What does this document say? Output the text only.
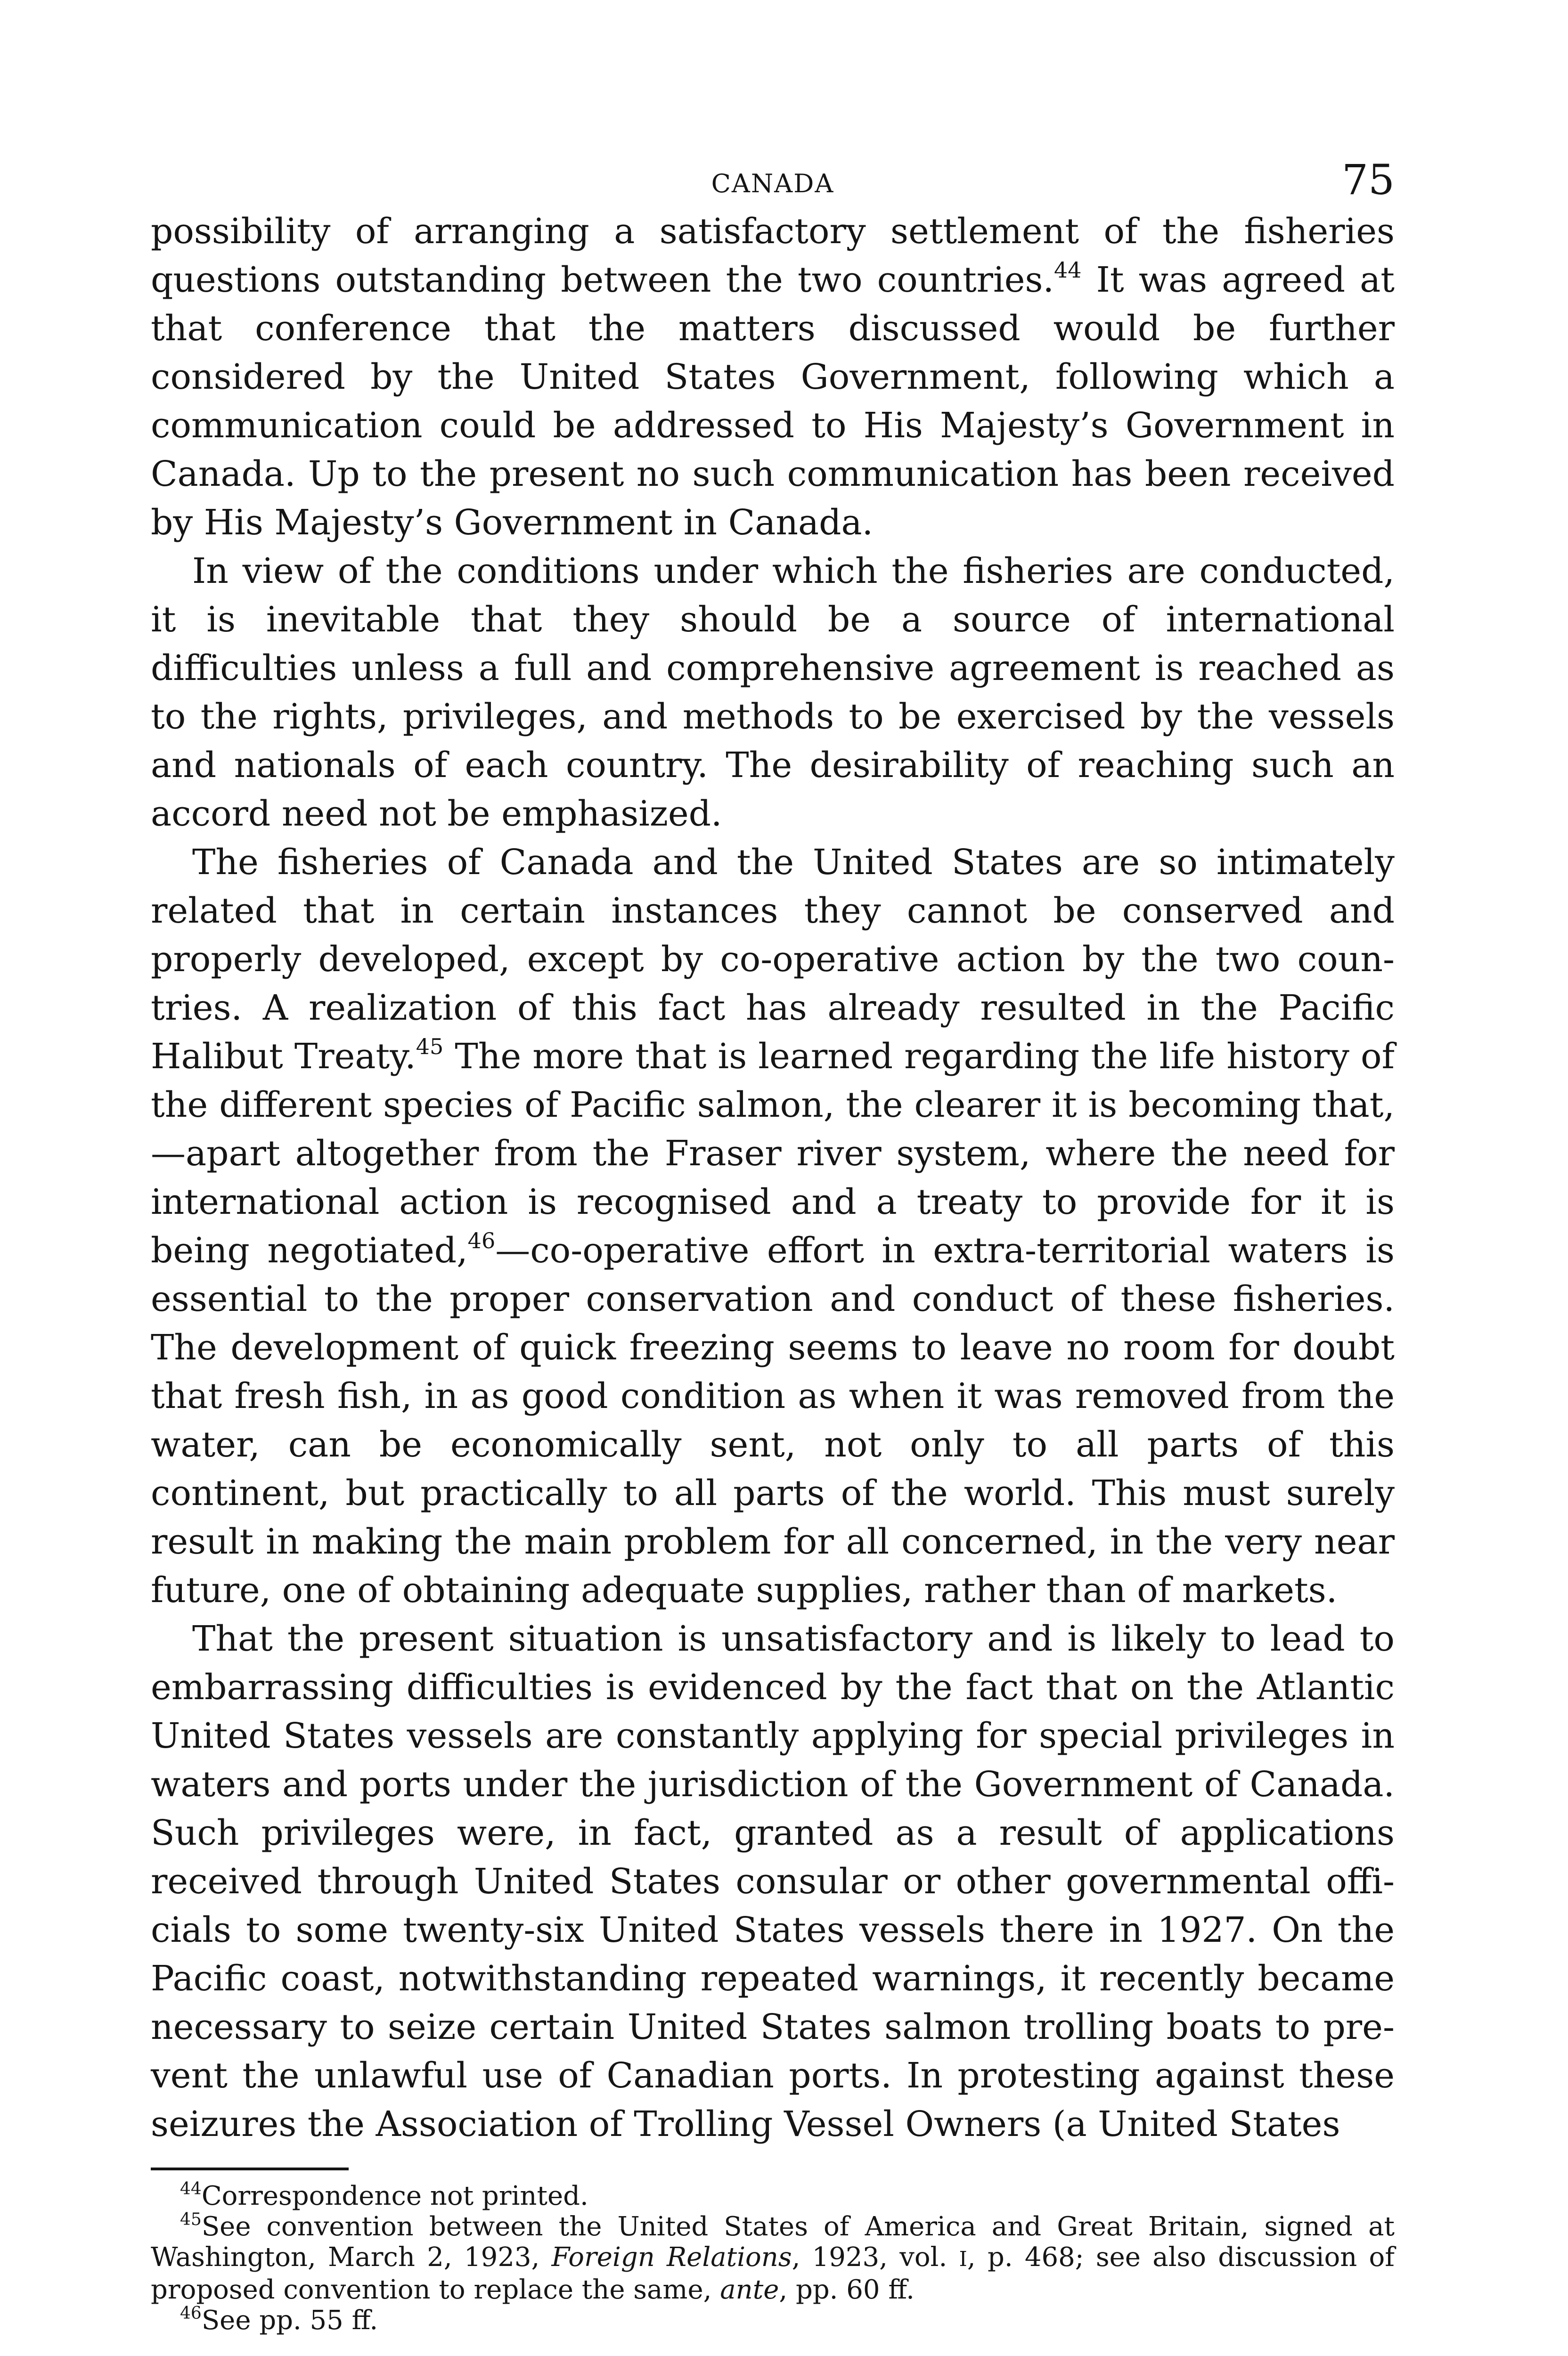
CANADA	75

possibility of arranging a satisfactory settlement of the fisheries questions outstanding between the two countries.$^{44}$ It was agreed at that conference that the matters discussed would be further considered by the United States Government, following which a communication could be addressed to His Majesty’s Government in Canada. Up to the present no such communication has been received by His Majesty’s Government in Canada.

In view of the conditions under which the fisheries are conducted, it is inevitable that they should be a source of international difficulties unless a full and comprehensive agreement is reached as to the rights, privileges, and methods to be exercised by the vessels and nationals of each country. The desirability of reaching such an accord need not be emphasized.

The fisheries of Canada and the United States are so intimately related that in certain instances they cannot be conserved and properly developed, except by co-operative action by the two countries. A realization of this fact has already resulted in the Pacific Halibut Treaty.$^{45}$ The more that is learned regarding the life history of the different species of Pacific salmon, the clearer it is becoming that,—apart altogether from the Fraser river system, where the need for international action is recognised and a treaty to provide for it is being negotiated,$^{46}$—co-operative effort in extra-territorial waters is essential to the proper conservation and conduct of these fisheries. The development of quick freezing seems to leave no room for doubt that fresh fish, in as good condition as when it was removed from the water, can be economically sent, not only to all parts of this continent, but practically to all parts of the world. This must surely result in making the main problem for all concerned, in the very near future, one of obtaining adequate supplies, rather than of markets.

That the present situation is unsatisfactory and is likely to lead to embarrassing difficulties is evidenced by the fact that on the Atlantic United States vessels are constantly applying for special privileges in waters and ports under the jurisdiction of the Government of Canada. Such privileges were, in fact, granted as a result of applications received through United States consular or other governmental officials to some twenty-six United States vessels there in 1927. On the Pacific coast, notwithstanding repeated warnings, it recently became necessary to seize certain United States salmon trolling boats to prevent the unlawful use of Canadian ports. In protesting against these seizures the Association of Trolling Vessel Owners (a United States

$^{44}$Correspondence not printed.

$^{45}$See convention between the United States of America and Great Britain, signed at Washington, March 2, 1923, Foreign Relations, 1923, vol. I, p. 468; see also discussion of proposed convention to replace the same, ante, pp. 60 ff.

$^{46}$See pp. 55 ff.
